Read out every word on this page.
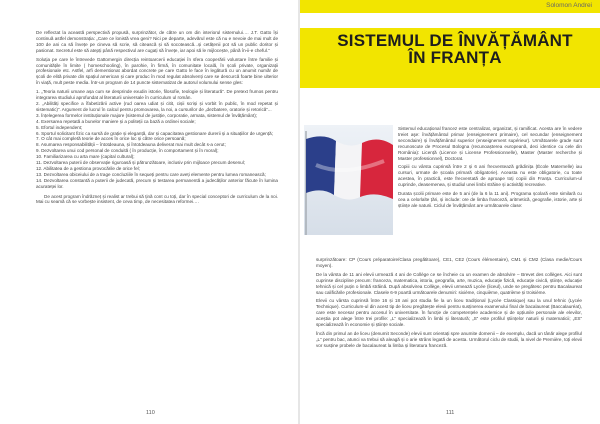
De reflectat la această perspectivă propusă, surprinzător, de către un om din interiorul sistemului…. J.T. Gatto își continuă astfel demonstrația: „Care ce lonistă vrea geni? Nici pe departe, adevărul este că nu e nevoie de mai mult de 100 de ani ca să învețe pe cineva să scrie, să citească și să socotească...și cetățenii pot să un public doritor și pasionat. Secretul este să atepți până respectivul are cugați să învețe, iar apoi să le mijlocește, până în-ii-e cheful.”

Soluția pe care le întrevede Gattomergin direcția reintoarcerii educației în sfera cooperării voluntare între familie și comunitățile în limite ( homeschooling), în parohie, în firmă, în comunitate locală, în școli private, organizații profesionale etc. Astfel, arfi dementionat abordat concrete pe care Gatto le face în legătură cu un anumit număr de școli de elită private din spațiul american și care produc în mod regulat absolvenți care se descurcă foarte bine ulterior în viață, mult peste media. Într-un program de 14 puncte sistematizat de autorul volumului sense gles:

1. „Teoria naturii umane așa cum se desprinde exudin istorie, filosofie, teologie și literatură”. De pretext frumos pentru integrarea studiului aprofundat al literaturii universale în curriculum ul român.
2. „Abilități specifice a îfabetizării active (rud oarea udiat și citit, cișii scriși și vorbit în public, în mod repetat și sistematic)”. Argument de lucrul în calcul pentru promovarea, la noi, a cursurilor de „dezbatere, oratorie și retorică”...
3. Înțelegerea formelor instituționale majore (sistemul de justiție, corporatie, armata, sistemul de învățământ);
4. Exersarea repetată a bunelor maniere și a politeții ca bază a ordinei sociale;
5. Efortul independent;
6. Sportul solicitant fizic ca sursă de grație și eleganță, dar și capacitatea gestionare durerii și a situațiilor de urgență;
7. O cât mai completă teorie de acces în orice loc și către orice persoană;
8. Asumarea responsabilității – întotdeauna, și întotdeauna deliverat mai mult decât s-a cerut;
9. Dezvoltarea unui cod personal de conduită ( în producție, în comportament și în moral);
10. Familiarizarea cu arta mare (capital cultural);
11. Dezvoltarea puterii de observație riguroasă și pătrunzătoare, inclusiv prin mijloace precum desenul;
12. Abilitatea de a gestiona provocările de orice fel;
13. Dezvoltarea obiceiului de a trage concluziile în sequeți pentru care aveți elemente pentru lumea romanească;
14. Dezvoltarea constantă a puterii de judecată, precum și testarea permanentă a judecăților anterior făcute în lumina acurateței lor.

De acest program îndrăzneț și realist ar trebui să țină cont cu toți, dar în special conceptori de curriculum de la noi. Mai cu seamă că se vorbește insistent, de ceva timp, de necesitatea reformei….

110
Solomon Andrei
SISTEMUL DE ÎNVĂȚĂMÂNT
ÎN FRANȚA

Sistemul educațional francez este centralizat, organizat, și ramificat. Acesta are în vedere treiet aşe: învățământul primar (enseignement primaire), cel secundar (enseignement secondaire) și învățământul superior (enseignement supérieur). Următoarele grade sunt recunoscute de Procesul Bologna (recunoașterea europeană, deci identice cu cele din România): Licență (Licence și License Professionnelle), Master (Master recherche și Master professionnel), Doctorat.

Copiii cu vârsta cuprinsă între 2 și 6 ani frecventează grădinița (École Maternelle) iau cursuri, urmate de școala primară obligatorie). Aceasta nu este obligatorie, cu toate acestea, în practică, este frecventată de aproape toți copiii din Franța. Curriculum-ul cuprinde, deasemenea, și studiul unei limbi străine și activități recreative.

Durata școlii primare este de 5 ani (de la 6 la 11 ani). Programa școlară este similară cu cea a celorlalte țări, și include: ore de limba franceză, aritmetică, geografie, istorie, arte și științe ale naturii. Ciclul de învățământ are următoarele clase:

surprinzătoare: CP (Cours préparatoire/Clasa pregătitoare), CE1, CE2 (Cours élémentaire), CM1 și CM2 (Clasa medie/Cours moyen).

De la vârsta de 11 ani elevii urmează 4 ani de Collège ce se încheie cu un examen de absolvire – Brevet des collèges. Aici sunt cuprinse discipline precum: franceza, matematica, istoria, geografia, arte, muzica, educație fizică, educație civică, științe, educație tehnică și cel puțin o limbă străină. După absolvirea Collège, elevii urmează Lycée (liceul), unde se pregătesc pentru Bacalaureat sau calificările profesionale. Clasele 6-9 poartă următoarele denumiri: sixième, cinquième, quatrième și troisième.

Elevii cu vârsta cuprinsă între 16 și 18 ani pot studia fie la un liceu tradițional (Lycée Classique) sau la unul tehnic (Lycée Technique). Curriculum-ul din acest tip de liceu pregătește elevii pentru susținerea examenului final de bacalaureat (Baccalauréat), care este necesar pentru accesul în universitate. În funcție de competențele academice și de opțiunile personale ale elevilor, aceștia pot alege între trei profile: „L” specializează în limbi și literatură; „S” este profilul științelor naturii și matematicii; „ES” specializează în economie și științe sociale.

Încă din primul an de liceu (denumit Seconde) elevii sunt orientați spre anumite domenii – de exemplu, dacă un tânăr alege profilul „L” pentru bac, atunci va trebui să aleagă și o arie strâns legată de acesta. Următorul ciclu de studii, la nivel de Première, toți elevii vor susține probele de bacalaureat la limba și literatura franceză.

111
